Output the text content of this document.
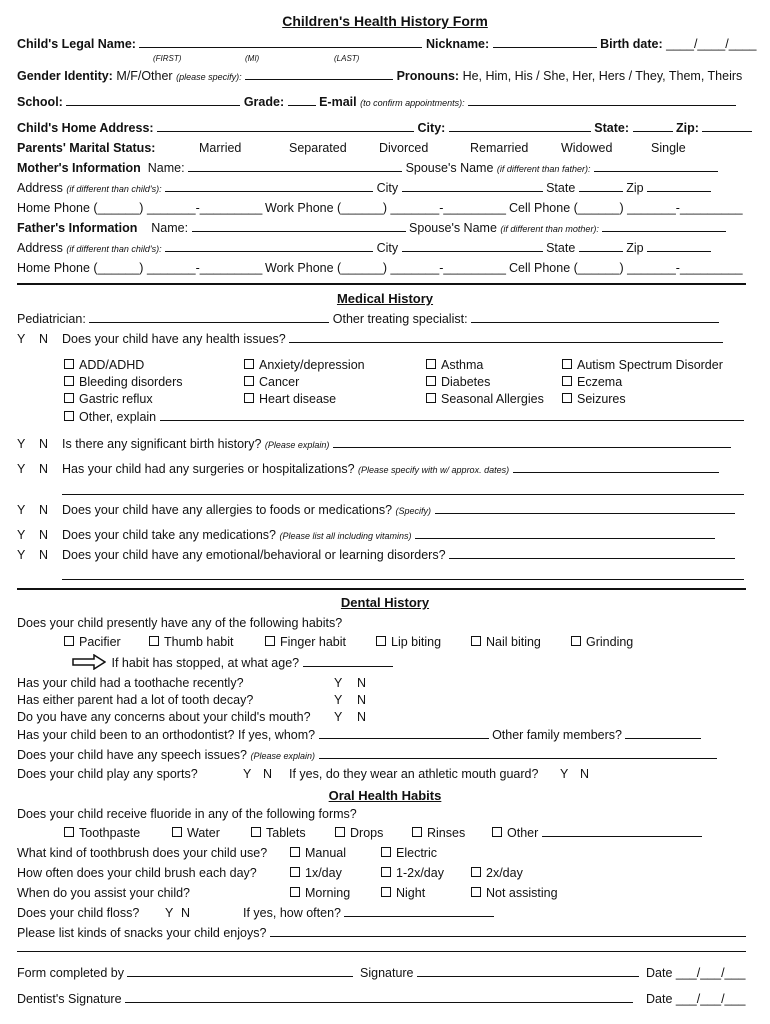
Children's Health History Form
Child's Legal Name:	Nickname:	Birth date: ____/____/____
(FIRST)	(MI)	(LAST)
Gender Identity: M/F/Other (please specify):	Pronouns: He, Him, His / She, Her, Hers / They, Them, Theirs
School:	Grade:	E-mail (to confirm appointments):
Child's Home Address:	City:	State:	Zip:
Parents' Marital Status:	Married	Separated	Divorced	Remarried	Widowed	Single
Mother's Information Name:	Spouse's Name (if different than father):
Address (if different than child's):	City	State	Zip
Home Phone (______) _______-_________ Work Phone (______) _______-_________ Cell Phone (______) _______-_________
Father's Information Name:	Spouse's Name (if different than mother):
Address (if different than child's):	City	State	Zip
Home Phone (______) _______-_________ Work Phone (______) _______-_________ Cell Phone (______) _______-_________
Medical History
Pediatrician:	Other treating specialist:
Y N Does your child have any health issues?
ADD/ADHD	Anxiety/depression	Asthma	Autism Spectrum Disorder
Bleeding disorders	Cancer	Diabetes	Eczema
Gastric reflux	Heart disease	Seasonal Allergies	Seizures
Other, explain
Y N Is there any significant birth history? (Please explain)
Y N Has your child had any surgeries or hospitalizations? (Please specify with w/ approx. dates)
Y N Does your child have any allergies to foods or medications? (Specify)
Y N Does your child take any medications? (Please list all including vitamins)
Y N Does your child have any emotional/behavioral or learning disorders?
Dental History
Does your child presently have any of the following habits?
Pacifier	Thumb habit	Finger habit	Lip biting	Nail biting	Grinding
If habit has stopped, at what age?
Has your child had a toothache recently?	Y N
Has either parent had a lot of tooth decay?	Y N
Do you have any concerns about your child's mouth? Y N
Has your child been to an orthodontist? If yes, whom?	Other family members?
Does your child have any speech issues? (Please explain)
Does your child play any sports?	Y N If yes, do they wear an athletic mouth guard? Y N
Oral Health Habits
Does your child receive fluoride in any of the following forms?
Toothpaste	Water	Tablets	Drops	Rinses	Other
What kind of toothbrush does your child use?	Manual	Electric
How often does your child brush each day?	1x/day	1-2x/day	2x/day
When do you assist your child?	Morning	Night	Not assisting
Does your child floss? Y N	If yes, how often?
Please list kinds of snacks your child enjoys?
Form completed by	Signature	Date ___/___/___
Dentist's Signature	Date ___/___/___
